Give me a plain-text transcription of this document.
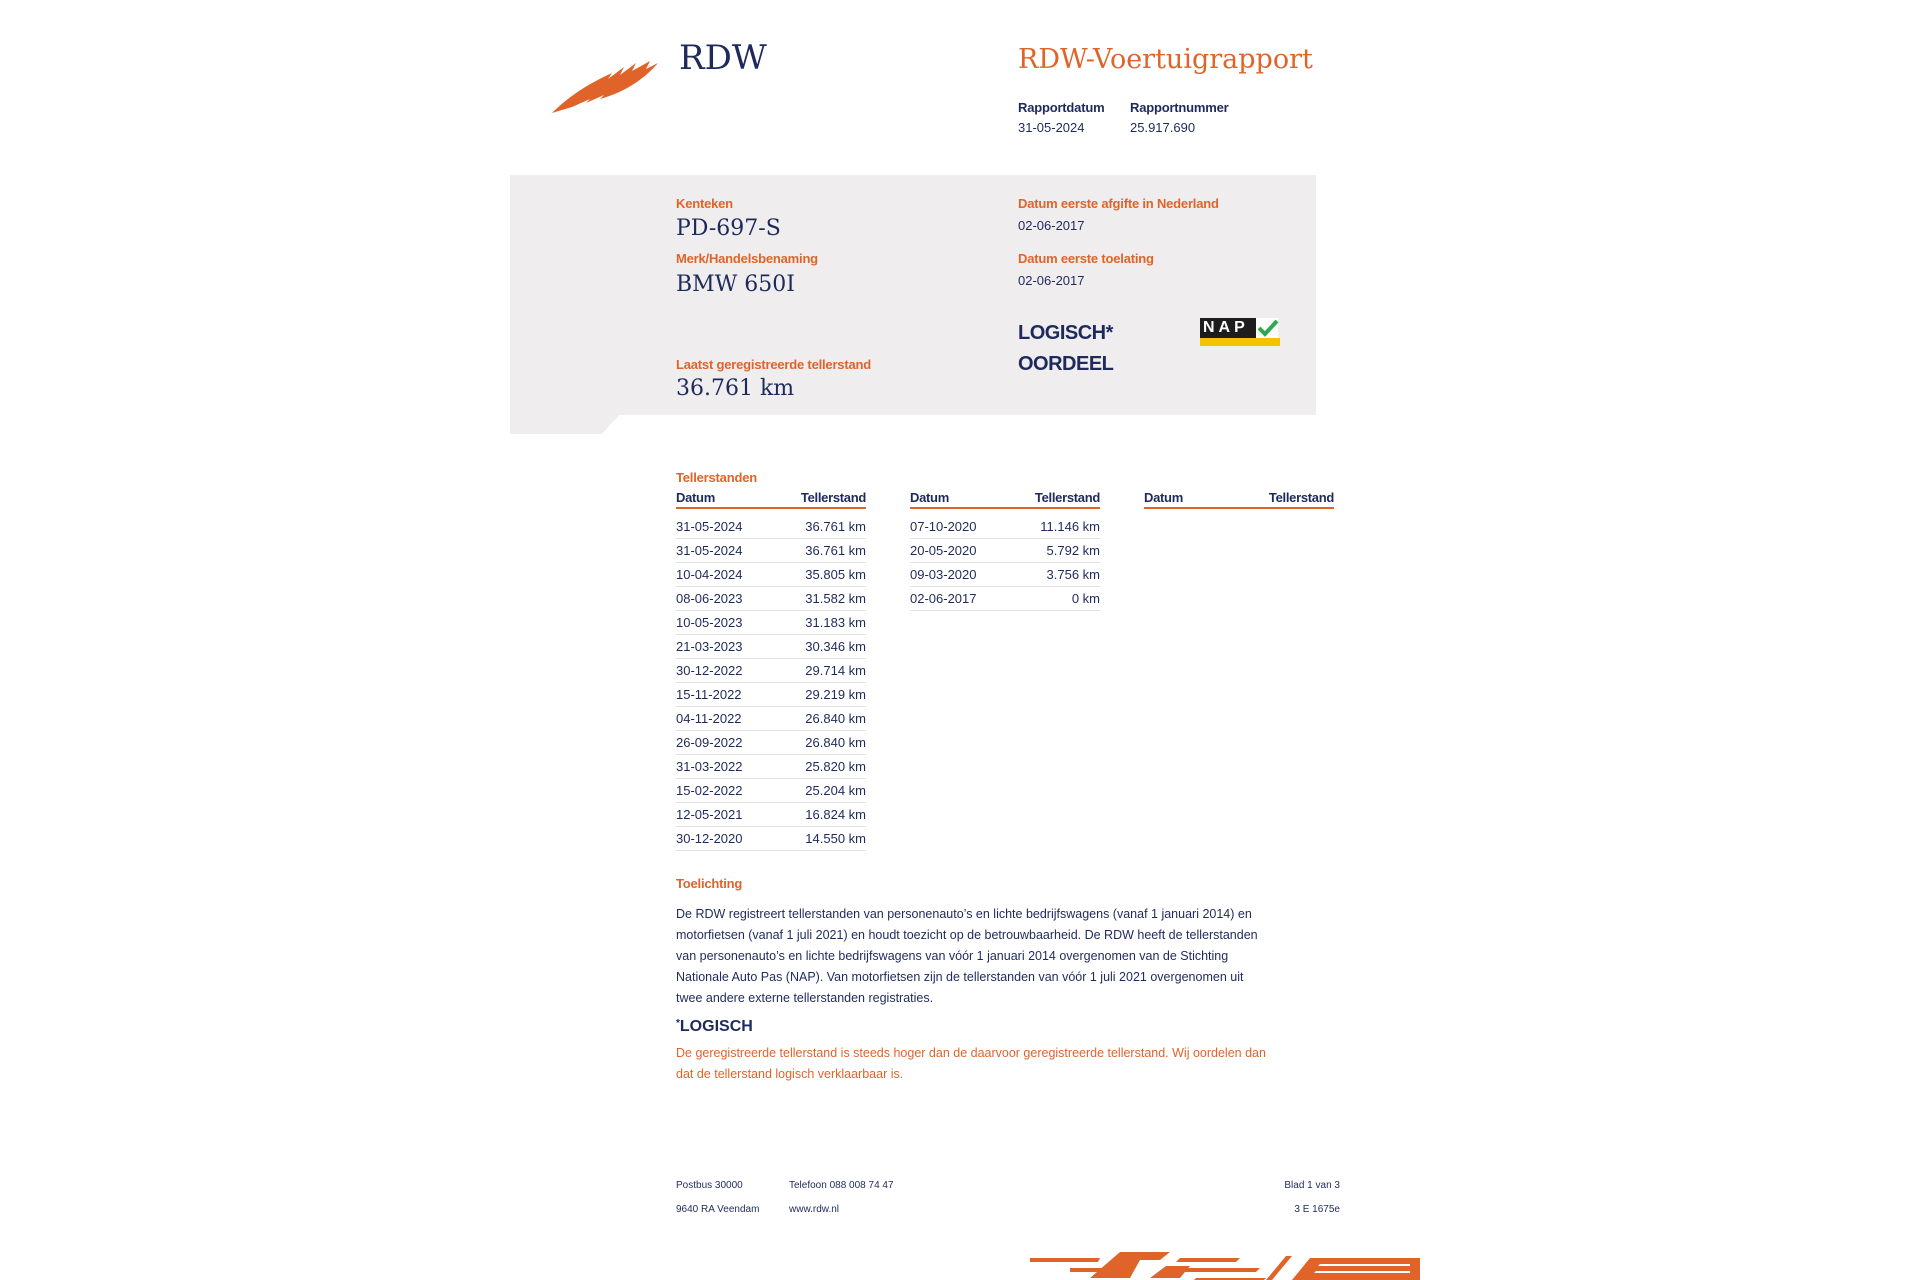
RDW	RDW-Voertuigrapport
Rapportdatum
31-05-2024
Rapportnummer
25.917.690
Kenteken
PD-697-S
Merk/Handelsbenaming
BMW 650I
Datum eerste afgifte in Nederland
02-06-2017
Datum eerste toelating
02-06-2017
LOGISCH*
OORDEEL
NAP
Laatst geregistreerde tellerstand
36.761 km
Tellerstanden
Datum	Tellerstand
31-05-2024	36.761 km
31-05-2024	36.761 km
10-04-2024	35.805 km
08-06-2023	31.582 km
10-05-2023	31.183 km
21-03-2023	30.346 km
30-12-2022	29.714 km
15-11-2022	29.219 km
04-11-2022	26.840 km
26-09-2022	26.840 km
31-03-2022	25.820 km
15-02-2022	25.204 km
12-05-2021	16.824 km
30-12-2020	14.550 km
Datum	Tellerstand
07-10-2020	11.146 km
20-05-2020	5.792 km
09-03-2020	3.756 km
02-06-2017	0 km
Datum	Tellerstand
Toelichting
De RDW registreert tellerstanden van personenauto’s en lichte bedrijfswagens (vanaf 1 januari 2014) en
motorfietsen (vanaf 1 juli 2021) en houdt toezicht op de betrouwbaarheid. De RDW heeft de tellerstanden
van personenauto’s en lichte bedrijfswagens van vóór 1 januari 2014 overgenomen van de Stichting
Nationale Auto Pas (NAP). Van motorfietsen zijn de tellerstanden van vóór 1 juli 2021 overgenomen uit
twee andere externe tellerstanden registraties.
*LOGISCH
De geregistreerde tellerstand is steeds hoger dan de daarvoor geregistreerde tellerstand. Wij oordelen dan
dat de tellerstand logisch verklaarbaar is.
Postbus 30000
9640 RA Veendam
Telefoon 088 008 74 47
www.rdw.nl
Blad 1 van 3
3 E 1675e
